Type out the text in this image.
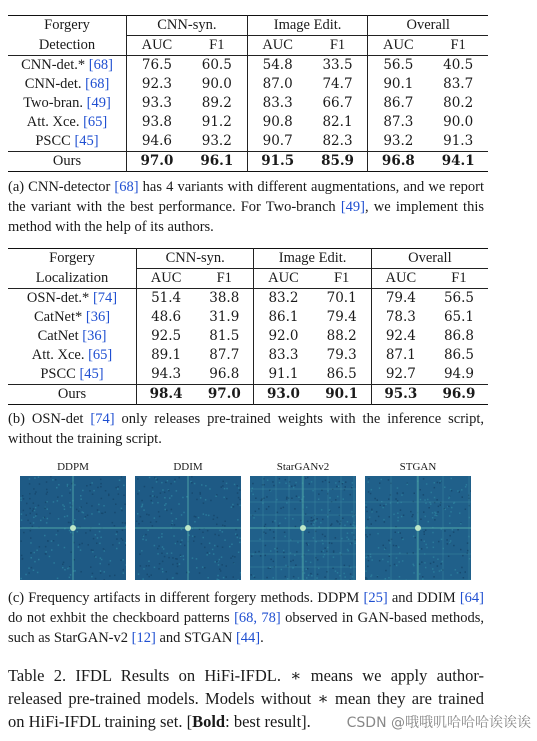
Forgery	CNN-syn.		Image Edit.		Overall	
Detection	AUC	F1	AUC	F1	AUC	F1
CNN-det.* [68]	76.5	60.5	54.8	33.5	56.5	40.5
CNN-det. [68]	92.3	90.0	87.0	74.7	90.1	83.7
Two-bran. [49]	93.3	89.2	83.3	66.7	86.7	80.2
Att. Xce. [65]	93.8	91.2	90.8	82.1	87.3	90.0
PSCC [45]	94.6	93.2	90.7	82.3	93.2	91.3
Ours	97.0	96.1	91.5	85.9	96.8	94.1
(a) CNN-detector [68] has 4 variants with different augmentations, and we report the variant with the best performance. For Two-branch [49], we implement this method with the help of its authors.
Forgery	CNN-syn.		Image Edit.		Overall	
Localization	AUC	F1	AUC	F1	AUC	F1
OSN-det.* [74]	51.4	38.8	83.2	70.1	79.4	56.5
CatNet* [36]	48.6	31.9	86.1	79.4	78.3	65.1
CatNet [36]	92.5	81.5	92.0	88.2	92.4	86.8
Att. Xce. [65]	89.1	87.7	83.3	79.3	87.1	86.5
PSCC [45]	94.3	96.8	91.1	86.5	92.7	94.9
Ours	98.4	97.0	93.0	90.1	95.3	96.9
(b) OSN-det [74] only releases pre-trained weights with the inference script, without the training script.
DDPM	DDIM	StarGANv2	STGAN
(c) Frequency artifacts in different forgery methods. DDPM [25] and DDIM [64] do not exhbit the checkboard patterns [68, 78] observed in GAN-based methods, such as StarGAN-v2 [12] and STGAN [44].
Table 2. IFDL Results on HiFi-IFDL. ∗ means we apply author-released pre-trained models. Models without ∗ mean they are trained on HiFi-IFDL training set. [Bold: best result].	CSDN @哦哦叽哈哈哈诶诶诶
